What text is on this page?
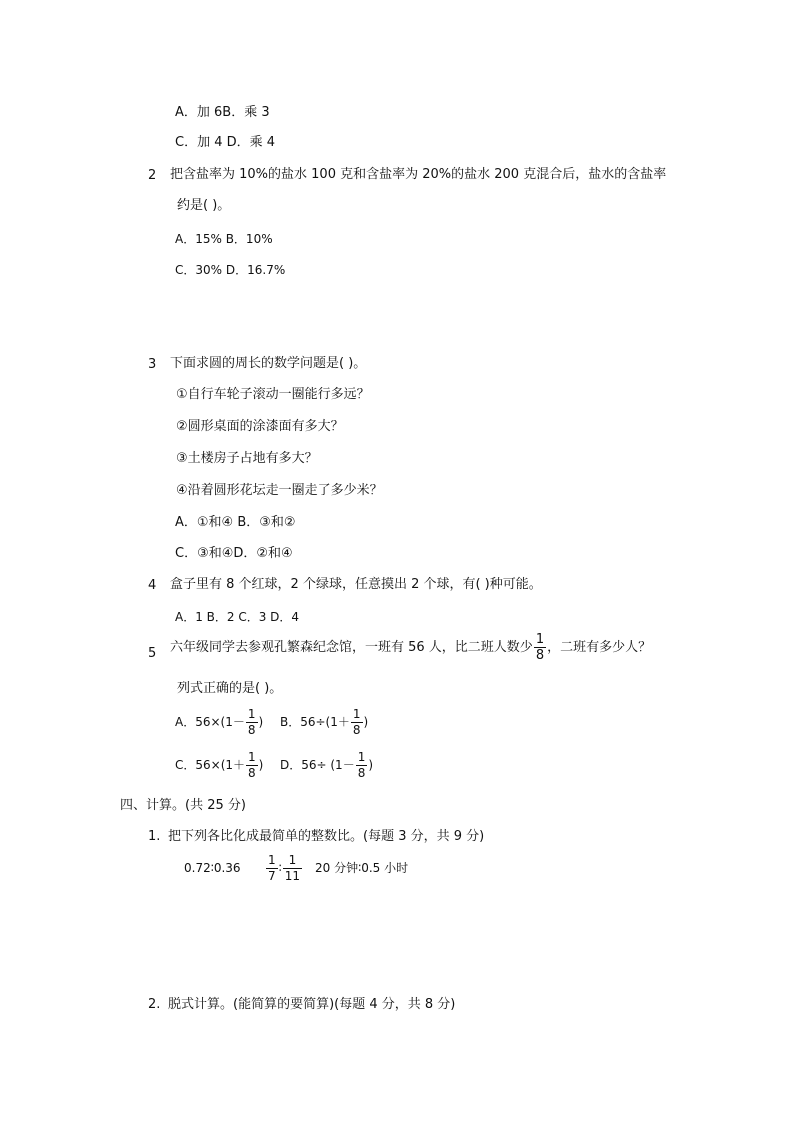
A．加 6B．乘 3
C．加 4 D．乘 4
2 把含盐率为 10%的盐水 100 克和含盐率为 20%的盐水 200 克混合后，盐水的含盐率
约是( )。
A．15% B．10%
C．30% D．16.7%
3 下面求圆的周长的数学问题是( )。
①自行车轮子滚动一圈能行多远？
②圆形桌面的涂漆面有多大？
③土楼房子占地有多大？
④沿着圆形花坛走一圈走了多少米？
A．①和④ B．③和②
C．③和④D．②和④
4 盒子里有 8 个红球，2 个绿球，任意摸出 2 个球，有( )种可能。
A．1 B．2 C．3 D．4
5 六年级同学去参观孔繁森纪念馆，一班有 56 人，比二班人数少 $\frac{1}{8}$ ，二班有多少人？
列式正确的是( )。
A．$56\times(1- \frac{1}{8}$ ) B．$56\div(1+ \frac{1}{8}$ )
C．$56\times(1+ \frac{1}{8}$ ) D．$56\div (1- \frac{1}{8}$ )
四、计算。(共 25 分)
1. 把下列各比化成最简单的整数比。(每题 3 分，共 9 分)
0.72∶0.36 $\frac{1}{7}$ ∶ $\frac{1}{11} 20$ 分钟∶0.5 小时
2. 脱式计算。(能简算的要简算)(每题 4 分，共 8 分)
